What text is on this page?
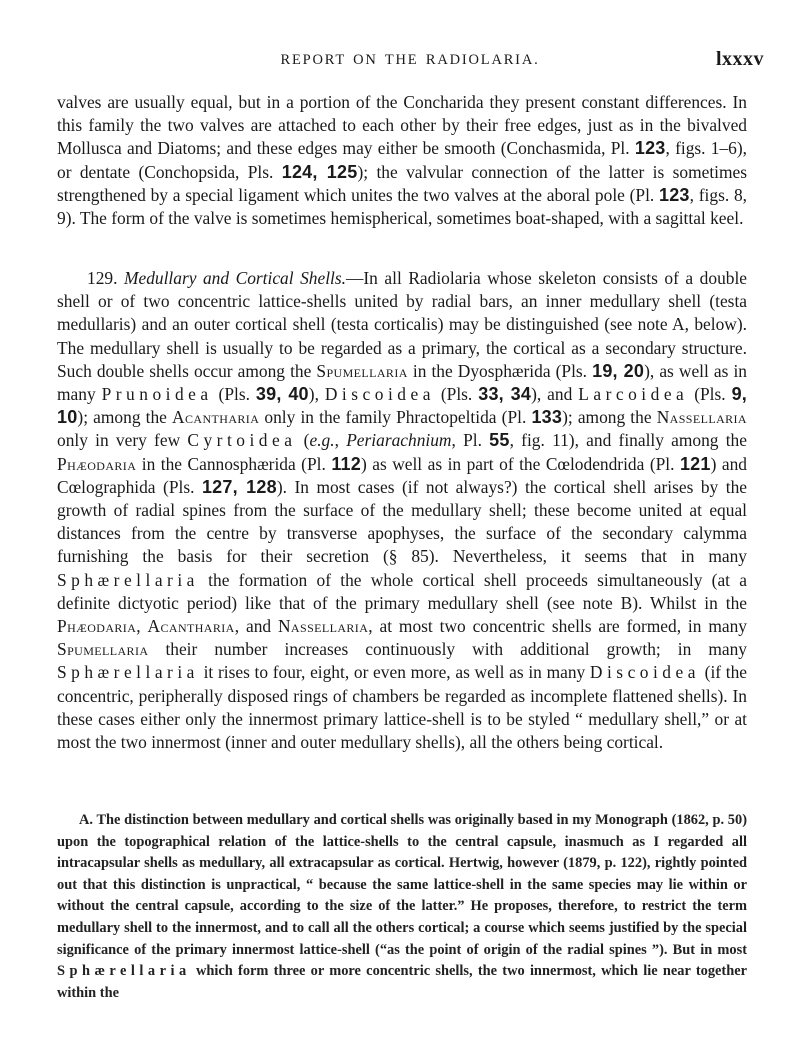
REPORT ON THE RADIOLARIA.	lxxxv

valves are usually equal, but in a portion of the Concharida they present constant differences. In this family the two valves are attached to each other by their free edges, just as in the bivalved Mollusca and Diatoms; and these edges may either be smooth (Conchasmida, Pl. 123, figs. 1–6), or dentate (Conchopsida, Pls. 124, 125); the valvular connection of the latter is sometimes strengthened by a special ligament which unites the two valves at the aboral pole (Pl. 123, figs. 8, 9). The form of the valve is sometimes hemispherical, sometimes boat-shaped, with a sagittal keel.

129. Medullary and Cortical Shells.—In all Radiolaria whose skeleton consists of a double shell or of two concentric lattice-shells united by radial bars, an inner medullary shell (testa medullaris) and an outer cortical shell (testa corticalis) may be distinguished (see note A, below). The medullary shell is usually to be regarded as a primary, the cortical as a secondary structure. Such double shells occur among the Spumellaria in the Dyosphærida (Pls. 19, 20), as well as in many Prunoidea (Pls. 39, 40), Discoidea (Pls. 33, 34), and Larcoidea (Pls. 9, 10); among the Acantharia only in the family Phractopeltida (Pl. 133); among the Nassellaria only in very few Cyrtoidea (e.g., Periarachnium, Pl. 55, fig. 11), and finally among the Phæodaria in the Cannosphærida (Pl. 112) as well as in part of the Cœlodendrida (Pl. 121) and Cœlographida (Pls. 127, 128). In most cases (if not always?) the cortical shell arises by the growth of radial spines from the surface of the medullary shell; these become united at equal distances from the centre by transverse apophyses, the surface of the secondary calymma furnishing the basis for their secretion (§ 85). Nevertheless, it seems that in many Sphærellaria the formation of the whole cortical shell proceeds simultaneously (at a definite dictyotic period) like that of the primary medullary shell (see note B). Whilst in the Phæodaria, Acantharia, and Nassellaria, at most two concentric shells are formed, in many Spumellaria their number increases continuously with additional growth; in many Sphærellaria it rises to four, eight, or even more, as well as in many Discoidea (if the concentric, peripherally disposed rings of chambers be regarded as incomplete flattened shells). In these cases either only the innermost primary lattice-shell is to be styled “ medullary shell,” or at most the two innermost (inner and outer medullary shells), all the others being cortical.

A. The distinction between medullary and cortical shells was originally based in my Monograph (1862, p. 50) upon the topographical relation of the lattice-shells to the central capsule, inasmuch as I regarded all intracapsular shells as medullary, all extracapsular as cortical. Hertwig, however (1879, p. 122), rightly pointed out that this distinction is unpractical, “ because the same lattice-shell in the same species may lie within or without the central capsule, according to the size of the latter.” He proposes, therefore, to restrict the term medullary shell to the innermost, and to call all the others cortical; a course which seems justified by the special significance of the primary innermost lattice-shell (“as the point of origin of the radial spines ”). But in most Sphærellaria which form three or more concentric shells, the two innermost, which lie near together within the
